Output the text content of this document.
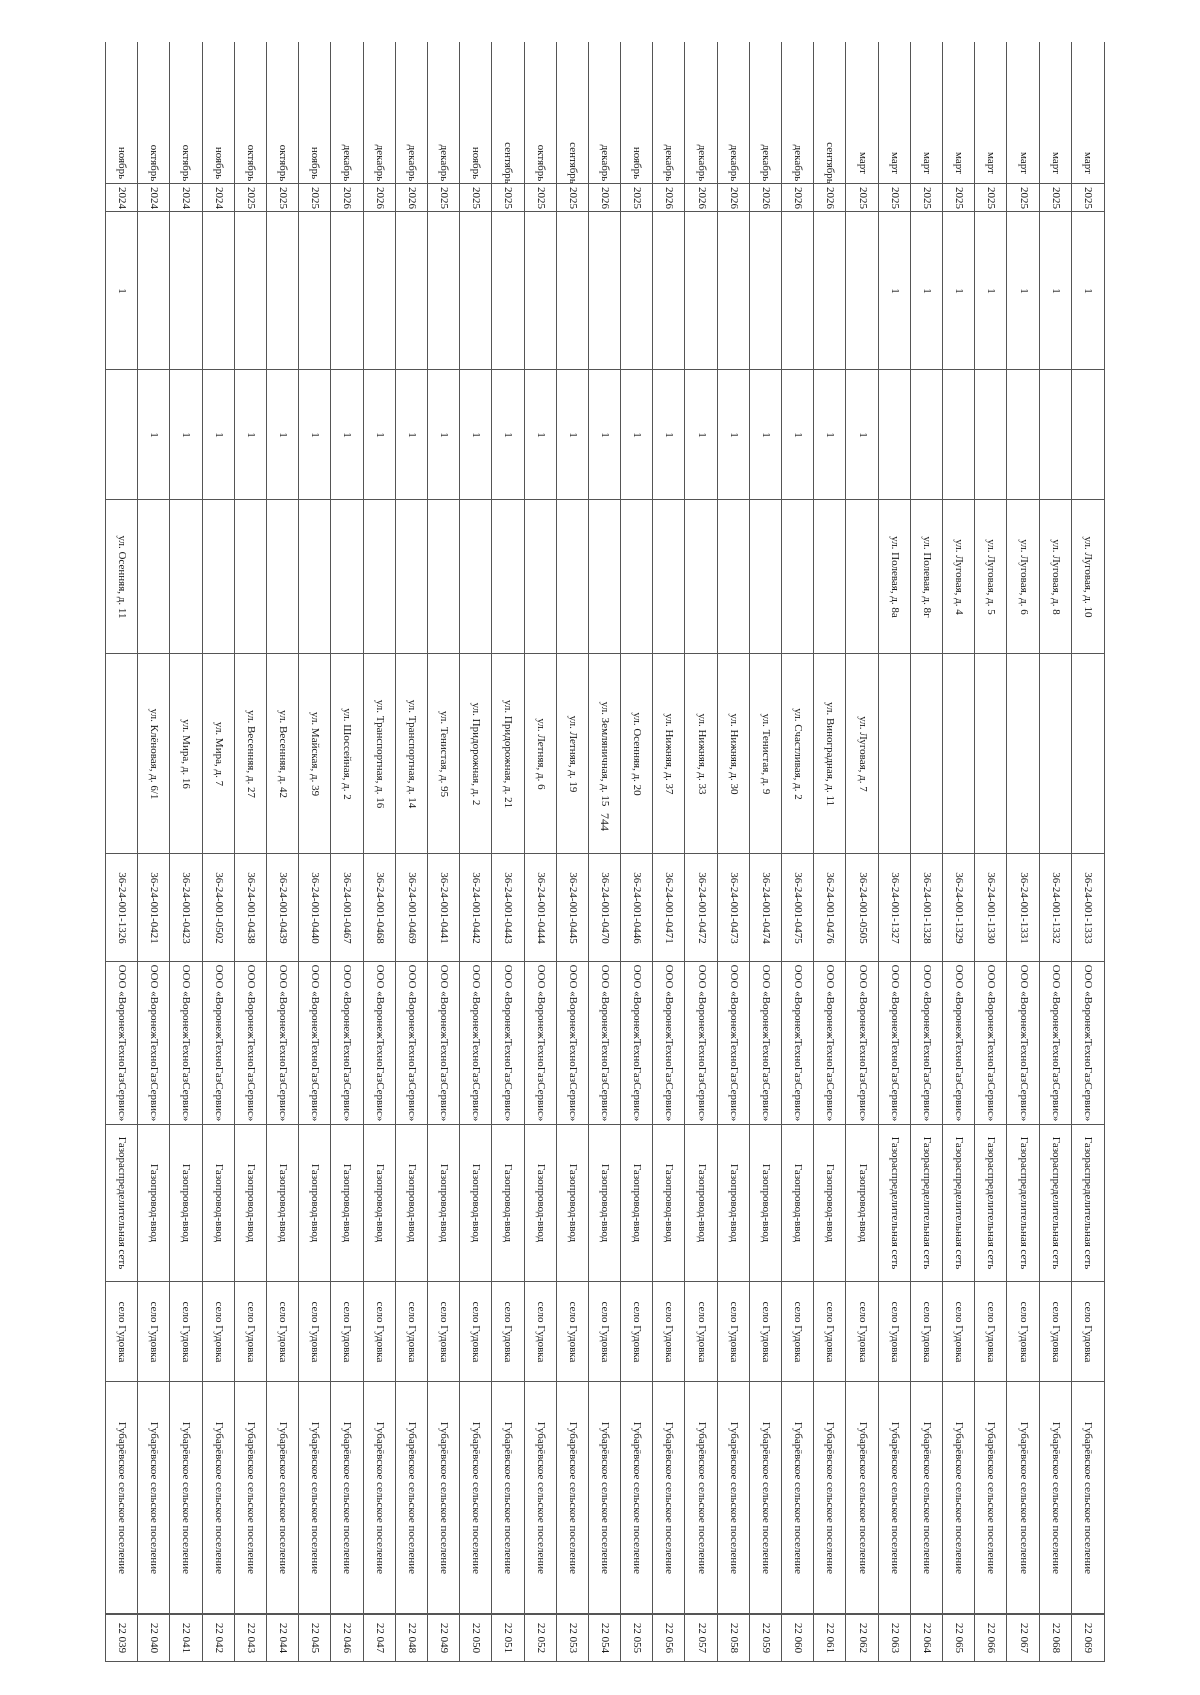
744
22 039
Губарёвское сельское поселение
село Гудовка
Газораспределительная сеть
ООО «ВоронежТехноГазСервис»
36-24-001-1326
ул. Осенняя, д. 11
1
2024
ноябрь
22 040
Губарёвское сельское поселение
село Гудовка
Газопровод-ввод
ООО «ВоронежТехноГазСервис»
36-24-001-0421
ул. Клёновая, д. 6/1
1
2024
октябрь
22 041
Губарёвское сельское поселение
село Гудовка
Газопровод-ввод
ООО «ВоронежТехноГазСервис»
36-24-001-0423
ул. Мира, д. 16
1
2024
октябрь
22 042
Губарёвское сельское поселение
село Гудовка
Газопровод-ввод
ООО «ВоронежТехноГазСервис»
36-24-001-0502
ул. Мира, д. 7
1
2024
ноябрь
22 043
Губарёвское сельское поселение
село Гудовка
Газопровод-ввод
ООО «ВоронежТехноГазСервис»
36-24-001-0438
ул. Весенняя, д. 27
1
2025
октябрь
22 044
Губарёвское сельское поселение
село Гудовка
Газопровод-ввод
ООО «ВоронежТехноГазСервис»
36-24-001-0439
ул. Весенняя, д. 42
1
2025
октябрь
22 045
Губарёвское сельское поселение
село Гудовка
Газопровод-ввод
ООО «ВоронежТехноГазСервис»
36-24-001-0440
ул. Майская, д. 39
1
2025
ноябрь
22 046
Губарёвское сельское поселение
село Гудовка
Газопровод-ввод
ООО «ВоронежТехноГазСервис»
36-24-001-0467
ул. Шоссейная, д. 2
1
2026
декабрь
22 047
Губарёвское сельское поселение
село Гудовка
Газопровод-ввод
ООО «ВоронежТехноГазСервис»
36-24-001-0468
ул. Транспортная, д. 16
1
2026
декабрь
22 048
Губарёвское сельское поселение
село Гудовка
Газопровод-ввод
ООО «ВоронежТехноГазСервис»
36-24-001-0469
ул. Транспортная, д. 14
1
2026
декабрь
22 049
Губарёвское сельское поселение
село Гудовка
Газопровод-ввод
ООО «ВоронежТехноГазСервис»
36-24-001-0441
ул. Тенистая, д. 95
1
2025
декабрь
22 050
Губарёвское сельское поселение
село Гудовка
Газопровод-ввод
ООО «ВоронежТехноГазСервис»
36-24-001-0442
ул. Придорожная, д. 2
1
2025
ноябрь
22 051
Губарёвское сельское поселение
село Гудовка
Газопровод-ввод
ООО «ВоронежТехноГазСервис»
36-24-001-0443
ул. Придорожная, д. 21
1
2025
сентябрь
22 052
Губарёвское сельское поселение
село Гудовка
Газопровод-ввод
ООО «ВоронежТехноГазСервис»
36-24-001-0444
ул. Летняя, д. 6
1
2025
октябрь
22 053
Губарёвское сельское поселение
село Гудовка
Газопровод-ввод
ООО «ВоронежТехноГазСервис»
36-24-001-0445
ул. Летняя, д. 19
1
2025
сентябрь
22 054
Губарёвское сельское поселение
село Гудовка
Газопровод-ввод
ООО «ВоронежТехноГазСервис»
36-24-001-0470
ул. Земляничная, д. 15
1
2026
декабрь
22 055
Губарёвское сельское поселение
село Гудовка
Газопровод-ввод
ООО «ВоронежТехноГазСервис»
36-24-001-0446
ул. Осенняя, д. 20
1
2025
ноябрь
22 056
Губарёвское сельское поселение
село Гудовка
Газопровод-ввод
ООО «ВоронежТехноГазСервис»
36-24-001-0471
ул. Нижняя, д. 37
1
2026
декабрь
22 057
Губарёвское сельское поселение
село Гудовка
Газопровод-ввод
ООО «ВоронежТехноГазСервис»
36-24-001-0472
ул. Нижняя, д. 33
1
2026
декабрь
22 058
Губарёвское сельское поселение
село Гудовка
Газопровод-ввод
ООО «ВоронежТехноГазСервис»
36-24-001-0473
ул. Нижняя, д. 30
1
2026
декабрь
22 059
Губарёвское сельское поселение
село Гудовка
Газопровод-ввод
ООО «ВоронежТехноГазСервис»
36-24-001-0474
ул. Тенистая, д. 9
1
2026
декабрь
22 060
Губарёвское сельское поселение
село Гудовка
Газопровод-ввод
ООО «ВоронежТехноГазСервис»
36-24-001-0475
ул. Счастливая, д. 2
1
2026
декабрь
22 061
Губарёвское сельское поселение
село Гудовка
Газопровод-ввод
ООО «ВоронежТехноГазСервис»
36-24-001-0476
ул. Виноградная, д. 11
1
2026
сентябрь
22 062
Губарёвское сельское поселение
село Гудовка
Газопровод-ввод
ООО «ВоронежТехноГазСервис»
36-24-001-0505
ул. Луговая, д. 7
1
2025
март
22 063
Губарёвское сельское поселение
село Гудовка
Газораспределительная сеть
ООО «ВоронежТехноГазСервис»
36-24-001-1327
ул. Полевая, д. 8а
1
2025
март
22 064
Губарёвское сельское поселение
село Гудовка
Газораспределительная сеть
ООО «ВоронежТехноГазСервис»
36-24-001-1328
ул. Полевая, д. 8г
1
2025
март
22 065
Губарёвское сельское поселение
село Гудовка
Газораспределительная сеть
ООО «ВоронежТехноГазСервис»
36-24-001-1329
ул. Луговая, д. 4
1
2025
март
22 066
Губарёвское сельское поселение
село Гудовка
Газораспределительная сеть
ООО «ВоронежТехноГазСервис»
36-24-001-1330
ул. Луговая, д. 5
1
2025
март
22 067
Губарёвское сельское поселение
село Гудовка
Газораспределительная сеть
ООО «ВоронежТехноГазСервис»
36-24-001-1331
ул. Луговая, д. 6
1
2025
март
22 068
Губарёвское сельское поселение
село Гудовка
Газораспределительная сеть
ООО «ВоронежТехноГазСервис»
36-24-001-1332
ул. Луговая, д. 8
1
2025
март
22 069
Губарёвское сельское поселение
село Гудовка
Газораспределительная сеть
ООО «ВоронежТехноГазСервис»
36-24-001-1333
ул. Луговая, д. 10
1
2025
март
